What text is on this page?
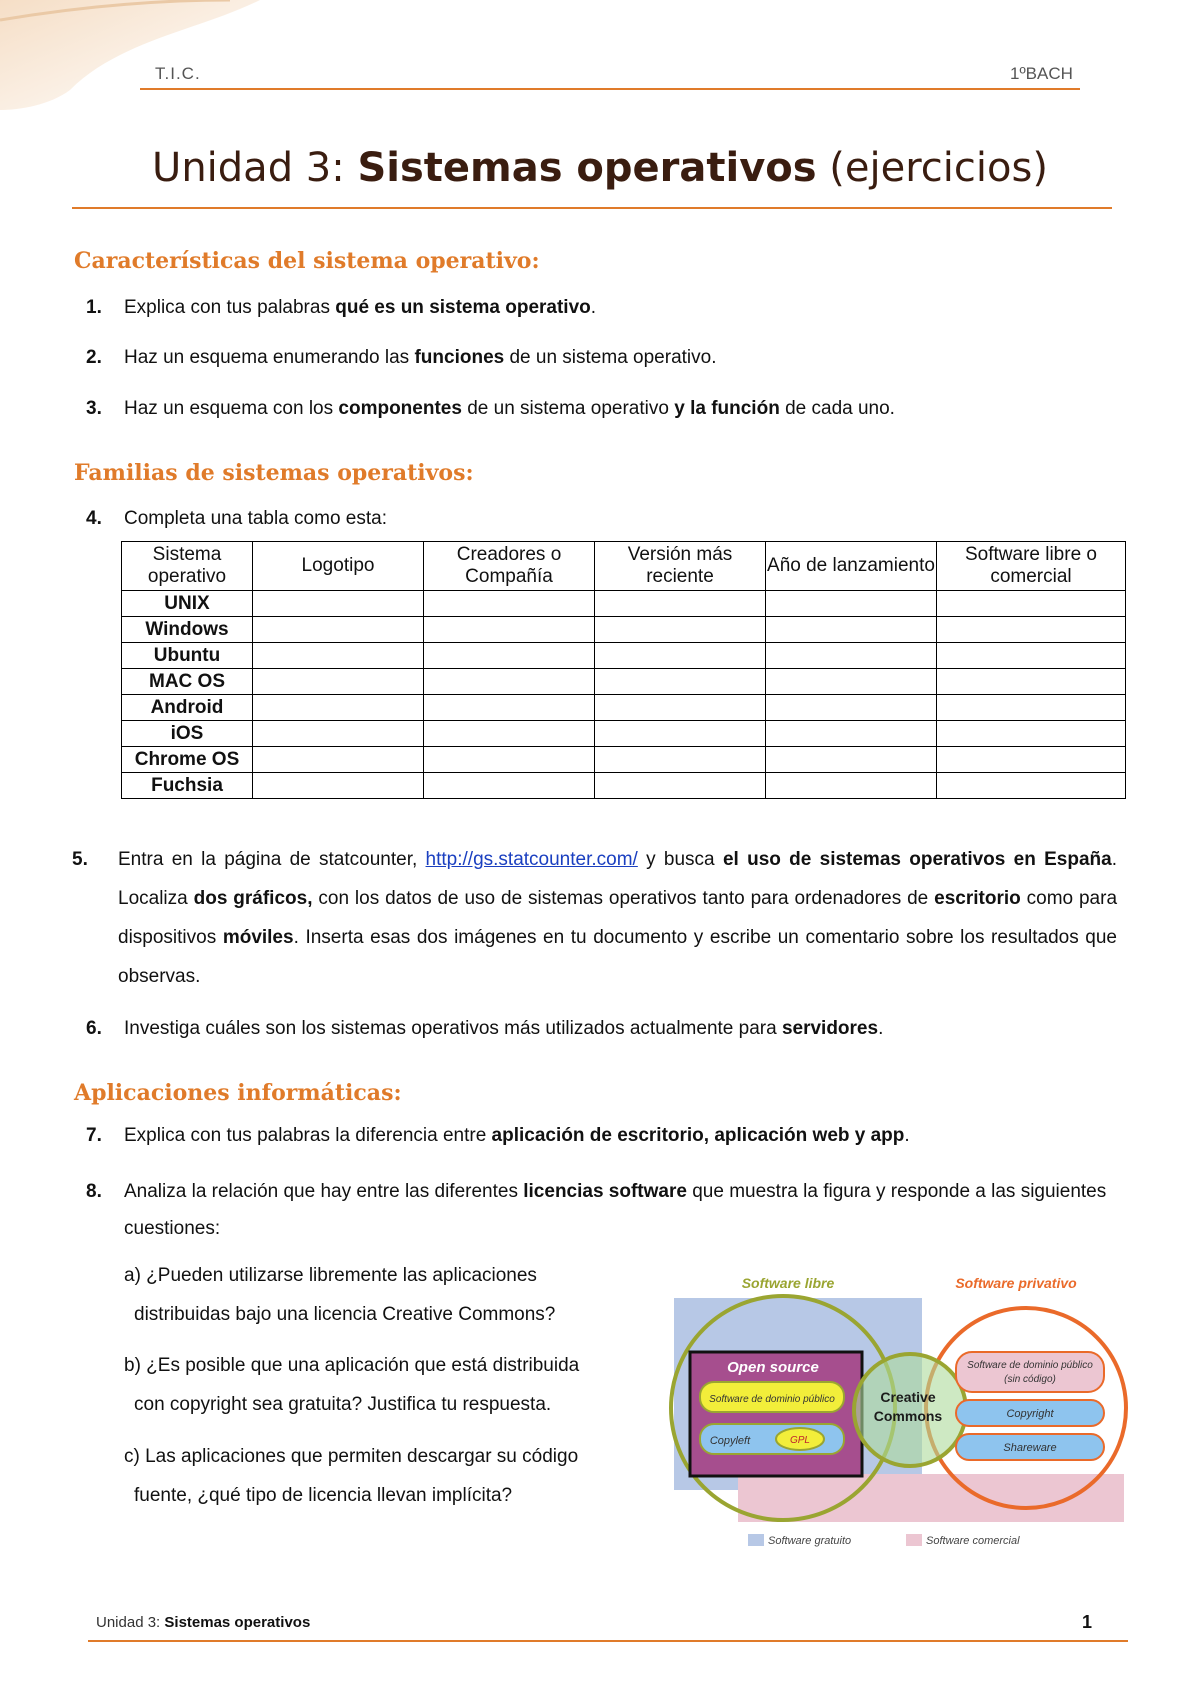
T.I.C.	1ºBACH
Unidad 3: Sistemas operativos (ejercicios)
Características del sistema operativo:
1. Explica con tus palabras qué es un sistema operativo.
2. Haz un esquema enumerando las funciones de un sistema operativo.
3. Haz un esquema con los componentes de un sistema operativo y la función de cada uno.
Familias de sistemas operativos:
4. Completa una tabla como esta:
Sistema operativo	Logotipo	Creadores o Compañía	Versión más reciente	Año de lanzamiento	Software libre o comercial
UNIX					
Windows					
Ubuntu					
MAC OS					
Android					
iOS					
Chrome OS					
Fuchsia					
5. Entra en la página de statcounter, http://gs.statcounter.com/ y busca el uso de sistemas operativos en España. Localiza dos gráficos, con los datos de uso de sistemas operativos tanto para ordenadores de escritorio como para dispositivos móviles. Inserta esas dos imágenes en tu documento y escribe un comentario sobre los resultados que observas.
6. Investiga cuáles son los sistemas operativos más utilizados actualmente para servidores.
Aplicaciones informáticas:
7. Explica con tus palabras la diferencia entre aplicación de escritorio, aplicación web y app.
8. Analiza la relación que hay entre las diferentes licencias software que muestra la figura y responde a las siguientes cuestiones:
a) ¿Pueden utilizarse libremente las aplicaciones
distribuidas bajo una licencia Creative Commons?
b) ¿Es posible que una aplicación que está distribuida
con copyright sea gratuita? Justifica tu respuesta.
c) Las aplicaciones que permiten descargar su código
fuente, ¿qué tipo de licencia llevan implícita?
Software libre	Software privativo
Open source
Software de dominio público
Copyleft	GPL
Creative
Commons
Software de dominio público
(sin código)
Copyright
Shareware
Software gratuito	Software comercial
Unidad 3: Sistemas operativos	1
